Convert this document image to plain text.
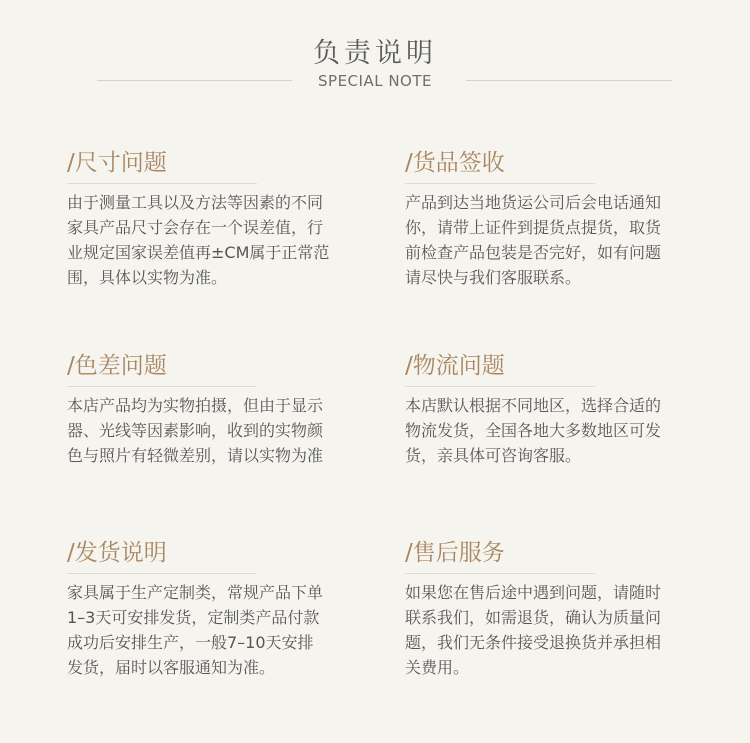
负责说明
SPECIAL NOTE
/尺寸问题
由于测量工具以及方法等因素的不同
家具产品尺寸会存在一个误差值，行
业规定国家误差值再±CM属于正常范
围，具体以实物为准。
/货品签收
产品到达当地货运公司后会电话通知
你，请带上证件到提货点提货，取货
前检查产品包装是否完好，如有问题
请尽快与我们客服联系。
/色差问题
本店产品均为实物拍摄，但由于显示
器、光线等因素影响，收到的实物颜
色与照片有轻微差别，请以实物为准
/物流问题
本店默认根据不同地区，选择合适的
物流发货，全国各地大多数地区可发
货，亲具体可咨询客服。
/发货说明
家具属于生产定制类，常规产品下单
1–3天可安排发货，定制类产品付款
成功后安排生产，一般7–10天安排
发货，届时以客服通知为准。
/售后服务
如果您在售后途中遇到问题，请随时
联系我们，如需退货，确认为质量问
题，我们无条件接受退换货并承担相
关费用。
